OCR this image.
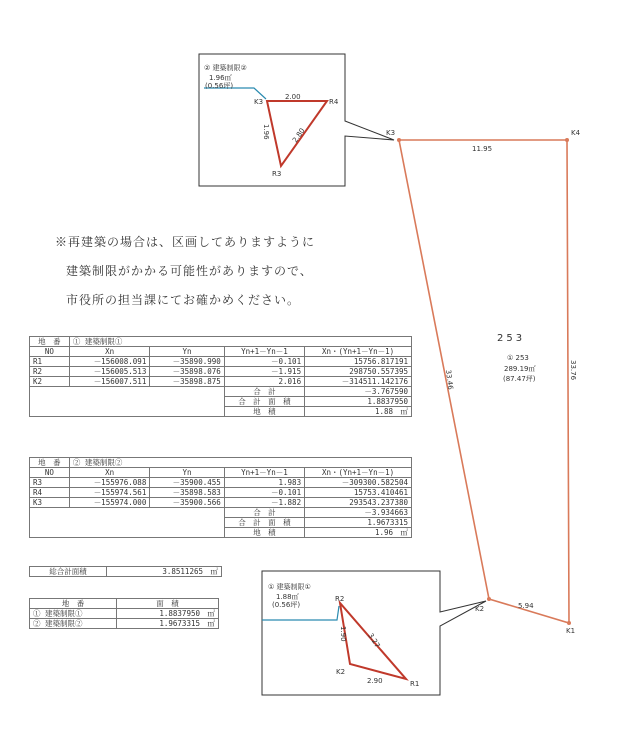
K3	K4
K2
K1
11.95
5.94
33.46	33.76
253
① 253
289.19㎡
(87.47坪)
② 建築制限②
1.96㎡
(0.56坪)
K3	R4
R3
2.00
1.96	2.80
① 建築制限①
1.88㎡
(0.56坪)
R2
K2
R1
3.27
1.90
2.90
※再建築の場合は、区画してありますように
建築制限がかかる可能性がありますので、
市役所の担当課にてお確かめください。
地　番	① 建築制限①			
NO	Xn	Yn	Yn+1－Yn－1	Xn・(Yn+1－Yn－1)
R1	－156008.091	－35890.990	－0.101	15756.817191
R2	－156005.513	－35898.076	－1.915	298750.557395
K2	－156007.511	－35898.875	2.016	－314511.142176
			合　計	－3.767590
			合　計　面　積	1.8837950
			地　積	1.88　㎡
地　番	② 建築制限②			
NO	Xn	Yn	Yn+1－Yn－1	Xn・(Yn+1－Yn－1)
R3	－155976.088	－35900.455	1.983	－309300.582504
R4	－155974.561	－35898.583	－0.101	15753.410461
K3	－155974.000	－35900.566	－1.882	293543.237380
			合　計	－3.934663
			合　計　面　積	1.9673315
			地　積	1.96　㎡
総合計面積	3.8511265　㎡
地　番	面　積
① 建築制限①	1.8837950　㎡
② 建築制限②	1.9673315　㎡
